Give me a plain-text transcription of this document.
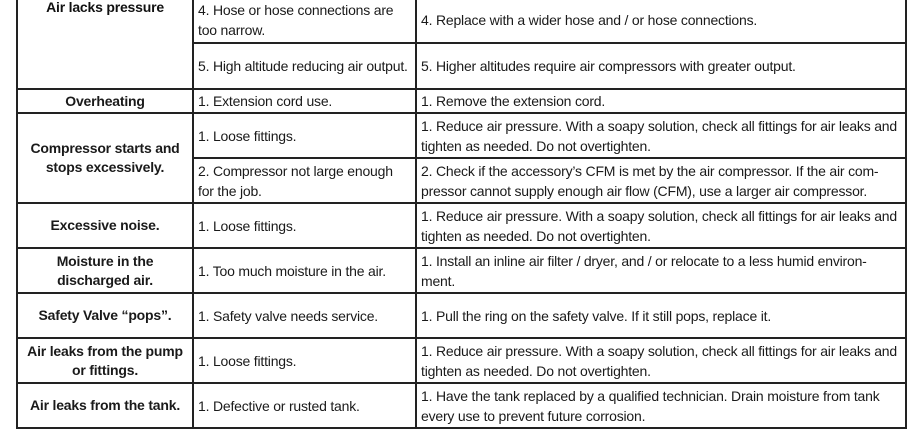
Air lacks pressure	4. Hose or hose connections are too narrow.	4. Replace with a wider hose and / or hose connections.
	5. High altitude reducing air output.	5. Higher altitudes require air compressors with greater output.
Overheating	1. Extension cord use.	1. Remove the extension cord.
Compressor starts and stops excessively.	1. Loose fittings.	1. Reduce air pressure. With a soapy solution, check all fittings for air leaks and tighten as needed. Do not overtighten.
	2. Compressor not large enough for the job.	2. Check if the accessory’s CFM is met by the air compressor. If the air com-pressor cannot supply enough air flow (CFM), use a larger air compressor.
Excessive noise.	1. Loose fittings.	1. Reduce air pressure. With a soapy solution, check all fittings for air leaks and tighten as needed. Do not overtighten.
Moisture in the discharged air.	1. Too much moisture in the air.	1. Install an inline air filter / dryer, and / or relocate to a less humid environ-ment.
Safety Valve “pops”.	1. Safety valve needs service.	1. Pull the ring on the safety valve. If it still pops, replace it.
Air leaks from the pump or fittings.	1. Loose fittings.	1. Reduce air pressure. With a soapy solution, check all fittings for air leaks and tighten as needed. Do not overtighten.
Air leaks from the tank.	1. Defective or rusted tank.	1. Have the tank replaced by a qualified technician. Drain moisture from tank every use to prevent future corrosion.
